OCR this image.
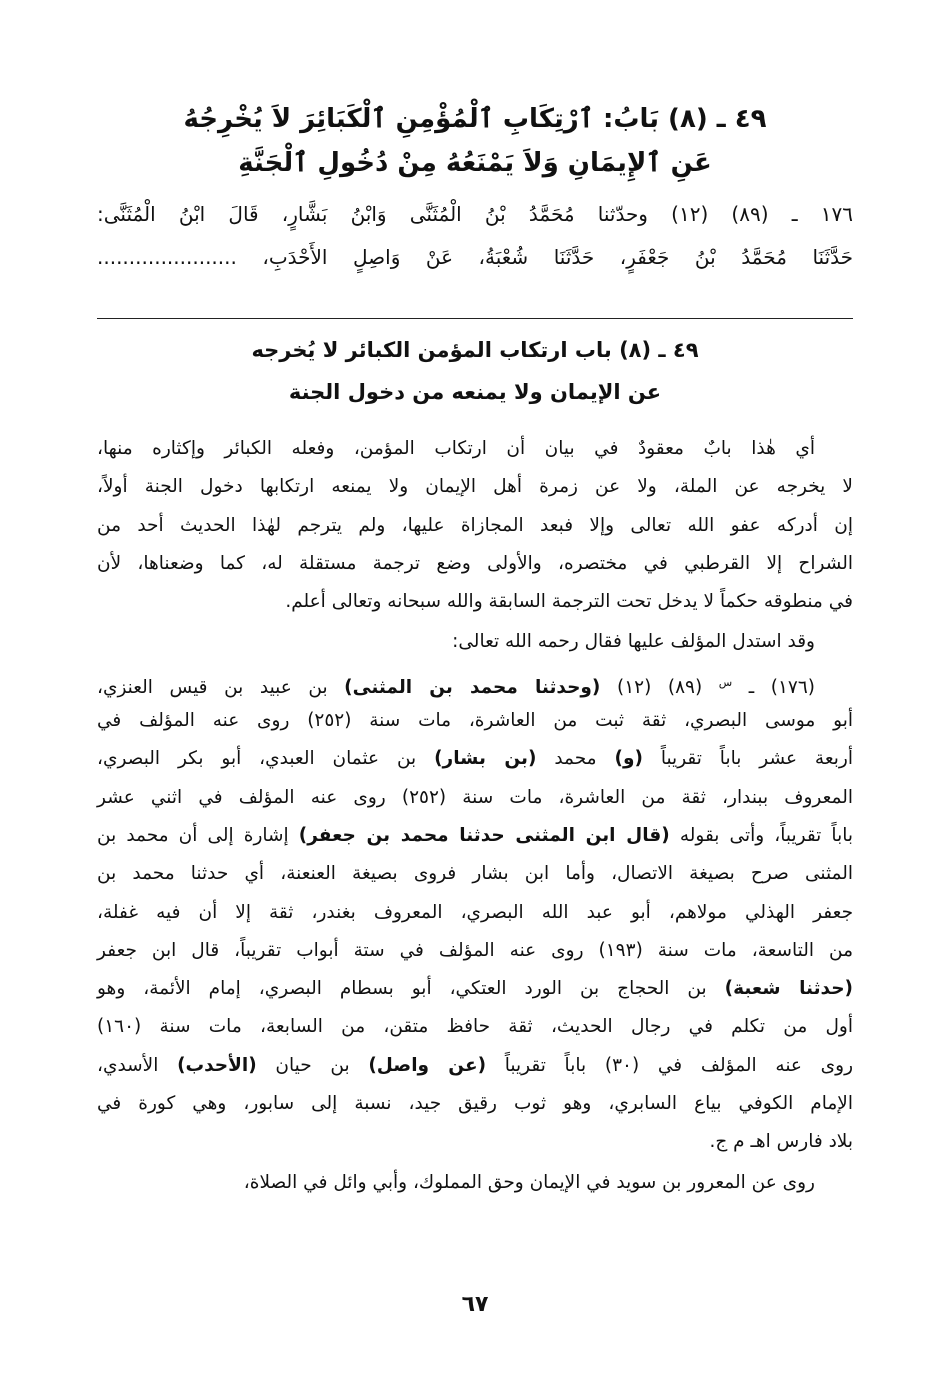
٤٩ ـ (٨) بَابُ: ٱرْتِكَابِ ٱلْمُؤْمِنِ ٱلْكَبَائِرَ لاَ يُخْرِجُهُ
عَنِ ٱلإِيمَانِ وَلاَ يَمْنَعُهُ مِنْ دُخُولِ ٱلْجَنَّةِ
١٧٦ ـ (٨٩) (١٢) وحدّثنا مُحَمَّدُ بْنُ الْمُثَنَّى وَابْنُ بَشَّارٍ، قَالَ ابْنُ الْمُثَنَّى:
حَدَّثَنَا مُحَمَّدُ بْنُ جَعْفَرٍ، حَدَّثَنَا شُعْبَةُ، عَنْ وَاصِلٍ الأَحْدَبِ، ......................
٤٩ ـ (٨) باب ارتكاب المؤمن الكبائر لا يُخرجه
عن الإيمان ولا يمنعه من دخول الجنة
أي هٰذا بابٌ معقودٌ في بيان أن ارتكاب المؤمن، وفعله الكبائر وإكثاره منها،
لا يخرجه عن الملة، ولا عن زمرة أهل الإيمان ولا يمنعه ارتكابها دخول الجنة أولاً،
إن أدركه عفو الله تعالى وإلا فبعد المجازاة عليها، ولم يترجم لهٰذا الحديث أحد من
الشراح إلا القرطبي في مختصره، والأولى وضع ترجمة مستقلة له، كما وضعناها، لأن
في منطوقه حكماً لا يدخل تحت الترجمة السابقة والله سبحانه وتعالى أعلم.
وقد استدل المؤلف عليها فقال رحمه الله تعالى:
(١٧٦) ـ $^س$ (٨٩) (١٢) (وحدثنا محمد بن المثنى) بن عبيد بن قيس العنزي،
أبو موسى البصري، ثقة ثبت من العاشرة، مات سنة (٢٥٢) روى عنه المؤلف في
أربعة عشر باباً تقريباً (و) محمد (بن بشار) بن عثمان العبدي، أبو بكر البصري،
المعروف ببندار، ثقة من العاشرة، مات سنة (٢٥٢) روى عنه المؤلف في اثني عشر
باباً تقريباً، وأتى بقوله (قال ابن المثنى حدثنا محمد بن جعفر) إشارة إلى أن محمد بن
المثنى صرح بصيغة الاتصال، وأما ابن بشار فروى بصيغة العنعنة، أي حدثنا محمد بن
جعفر الهذلي مولاهم، أبو عبد الله البصري، المعروف بغندر، ثقة إلا أن فيه غفلة،
من التاسعة، مات سنة (١٩٣) روى عنه المؤلف في ستة أبواب تقريباً، قال ابن جعفر
(حدثنا شعبة) بن الحجاج بن الورد العتكي، أبو بسطام البصري، إمام الأئمة، وهو
أول من تكلم في رجال الحديث، ثقة حافظ متقن، من السابعة، مات سنة (١٦٠)
روى عنه المؤلف في (٣٠) باباً تقريباً (عن واصل) بن حيان (الأحدب) الأسدي،
الإمام الكوفي بياع السابري، وهو ثوب رقيق جيد، نسبة إلى سابور، وهي كورة في
بلاد فارس اهـ م ج.
روى عن المعرور بن سويد في الإيمان وحق المملوك، وأبي وائل في الصلاة،
٦٧
